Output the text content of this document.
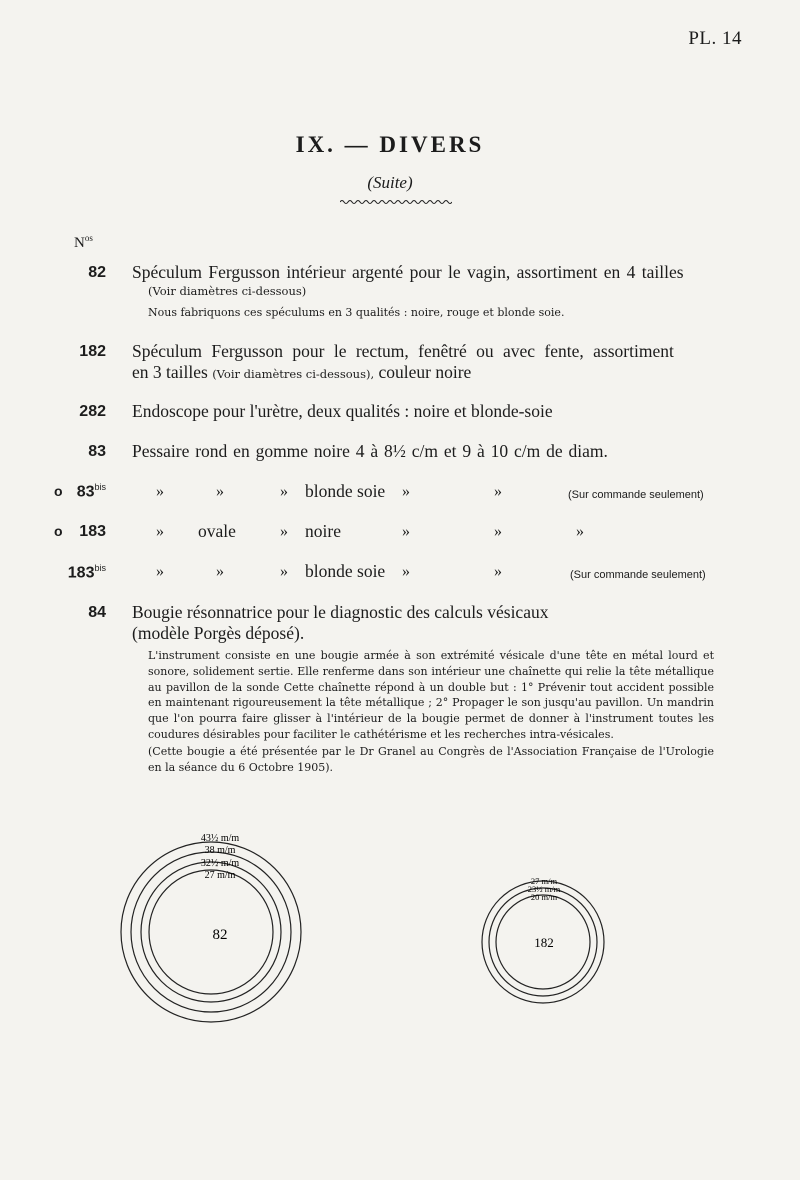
PL. 14
IX. — DIVERS
(Suite)
$N^{os}$
82 Spéculum Fergusson intérieur argenté pour le vagin, assortiment en 4 tailles
(Voir diamètres ci-dessous)
Nous fabriquons ces spéculums en 3 qualités : noire, rouge et blonde soie.
182 Spéculum Fergusson pour le rectum, fenêtré ou avec fente, assortiment
en 3 tailles (Voir diamètres ci-dessous), couleur noire
282 Endoscope pour l'urètre, deux qualités : noire et blonde-soie
83 Pessaire rond en gomme noire 4 à 8½ c/m et 9 à 10 c/m de diam.
o $83^{bis}$	»	»	» blonde soie »	»	(Sur commande seulement)
o	183	» ovale	» noire	»	»	»
$183^{bis}$	»	»	» blonde soie »	»	(Sur commande seulement)
84 Bougie résonnatrice pour le diagnostic des calculs vésicaux
(modèle Porgès déposé).
L'instrument consiste en une bougie armée à son extrémité vésicale d'une tête en métal lourd et sonore, solidement sertie. Elle renferme dans son intérieur une chaînette qui relie la tête métallique au pavillon de la sonde Cette chaînette répond à un double but : 1° Prévenir tout accident possible en maintenant rigoureusement la tête métallique ; 2° Propager le son jusqu'au pavillon. Un mandrin que l'on pourra faire glisser à l'intérieur de la bougie permet de donner à l'instrument toutes les coudures désirables pour faciliter le cathétérisme et les recherches intra-vésicales.
(Cette bougie a été présentée par le Dr Granel au Congrès de l'Association Française de l'Urologie en la séance du 6 Octobre 1905).
43½ m/m
38 m/m
32½ m/m
27 m/m
82
27 m/m
23½ m/m
20 m/m
182
